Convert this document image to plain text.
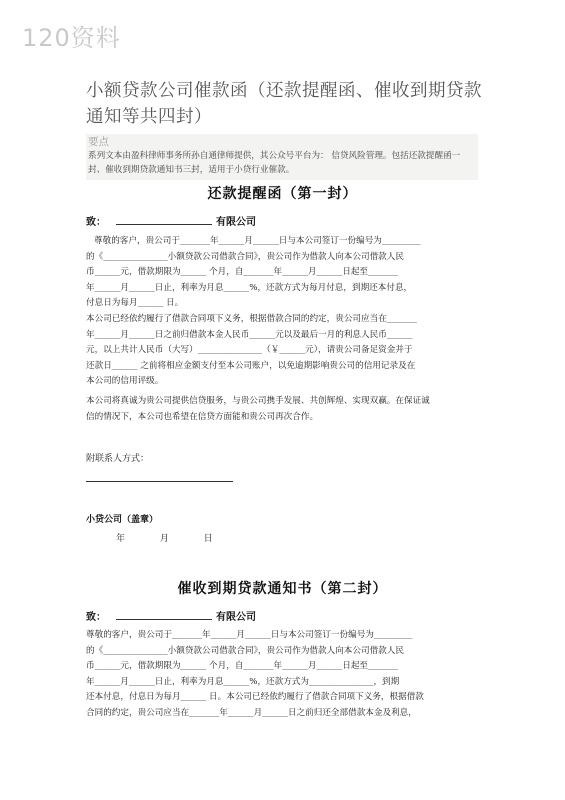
120资料
小额贷款公司催款函（还款提醒函、催收到期贷款通知等共四封）
要点
系列文本由盈科律师事务所孙自通律师提供，其公众号平台为： 信贷风险管理。包括还款提醒函一封、催收到期贷款通知书三封，适用于小贷行业催款。
还款提醒函（第一封）
致：	有限公司
尊敬的客户，贵公司于_______年______月______日与本公司签订一份编号为_________
的《_______________小额贷款公司借款合同》，贵公司作为借款人向本公司借款人民
币______元，借款期限为______ 个月，自_______年______月______日起至_______
年______月______日止，利率为月息______%，还款方式为每月付息，到期还本付息，
付息日为每月______ 日。
本公司已经依约履行了借款合同项下义务，根据借款合同的约定，贵公司应当在_______
年______月______日之前归借款本金人民币______元以及最后一月的利息人民币______
元，以上共计人民币（大写）_______________（￥______元），请贵公司备足资金并于
还款日______ 之前将相应金额支付至本公司账户，以免逾期影响贵公司的信用记录及在
本公司的信用评级。
本公司将真诚为贵公司提供信贷服务，与贵公司携手发展、共创辉煌、实现双赢。在保证诚
信的情况下，本公司也希望在信贷方面能和贵公司再次合作。
附联系人方式：
小贷公司（盖章）
年 月 日
催收到期贷款通知书（第二封）
致：	有限公司
尊敬的客户，贵公司于_______年______月______日与本公司签订一份编号为_________
的《_______________小额贷款公司借款合同》，贵公司作为借款人向本公司借款人民
币______元，借款期限为______ 个月，自_______年______月______日起至_______
年______月______日止，利率为月息______%，还款方式为_______________，到期
还本付息，付息日为每月______ 日。本公司已经依约履行了借款合同项下义务，根据借款
合同的约定，贵公司应当在_______年______月______日之前归还全部借款本金及利息，
